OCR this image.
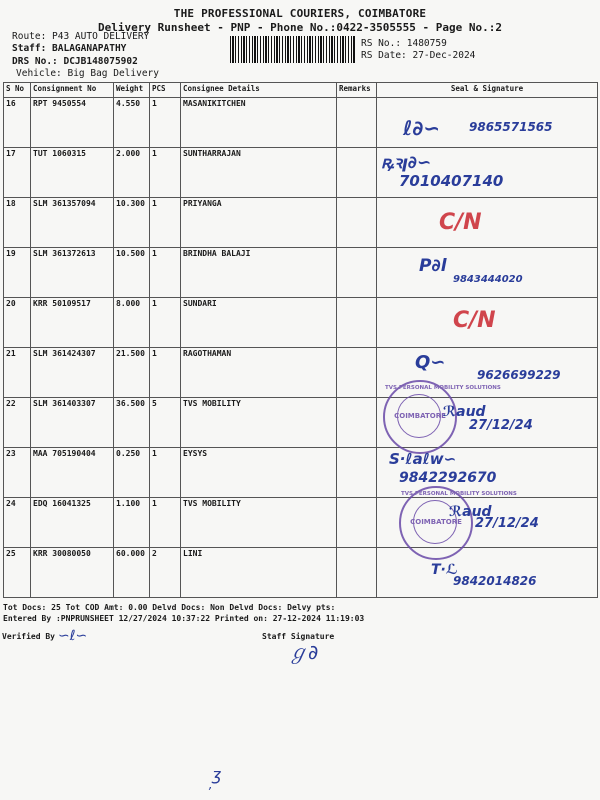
THE PROFESSIONAL COURIERS, COIMBATORE
Delivery Runsheet - PNP - Phone No.:0422-3505555 - Page No.:2
Route: P43 AUTO DELIVERY
Staff: BALAGANAPATHY
DRS No.: DCJB148075902
Vehicle: Big Bag Delivery
RS No.: 1480759
RS Date: 27-Dec-2024
S No	Consignment No	Weight	PCS	Consignee Details	Remarks	Seal & Signature
16	RPT 9450554	4.550	1	MASANIKITCHEN		ℓ∂∽ 9865571565

17	TUT 1060315	2.000	1	SUNTHARRAJAN		ꝶꝛꞁ∂∽
7010407140

18	SLM 361357094	10.300	1	PRIYANGA		C/N

19	SLM 361372613	10.500	1	BRINDHA BALAJI		P∂ⅼ
9843444020

20	KRR 50109517	8.000	1	SUNDARI		C/N

21	SLM 361424307	21.500	1	RAGOTHAMAN		Q∽
9626699229

22	SLM 361403307	36.500	5	TVS MOBILITY		TVS PERSONAL MOBILITY SOLUTIONS
COIMBATORE
ℛaud
27/12/24

23	MAA 705190404	0.250	1	EYSYS		S·ℓaℓw∽
9842292670

24	EDQ 16041325	1.100	1	TVS MOBILITY		TVS PERSONAL MOBILITY SOLUTIONS
COIMBATORE
ℛaud
27/12/24

25	KRR 30080050	60.000	2	LINI		T·ℒ
9842014826
Tot Docs: 25 Tot COD Amt: 0.00 Delvd Docs: Non Delvd Docs: Delvy pts:
Entered By :PNPRUNSHEET 12/27/2024 10:37:22 Printed on: 27-12-2024 11:19:03
Verified By ∽ℓ∽	Staff Signature
ℊ∂
ʒ
ʼ
